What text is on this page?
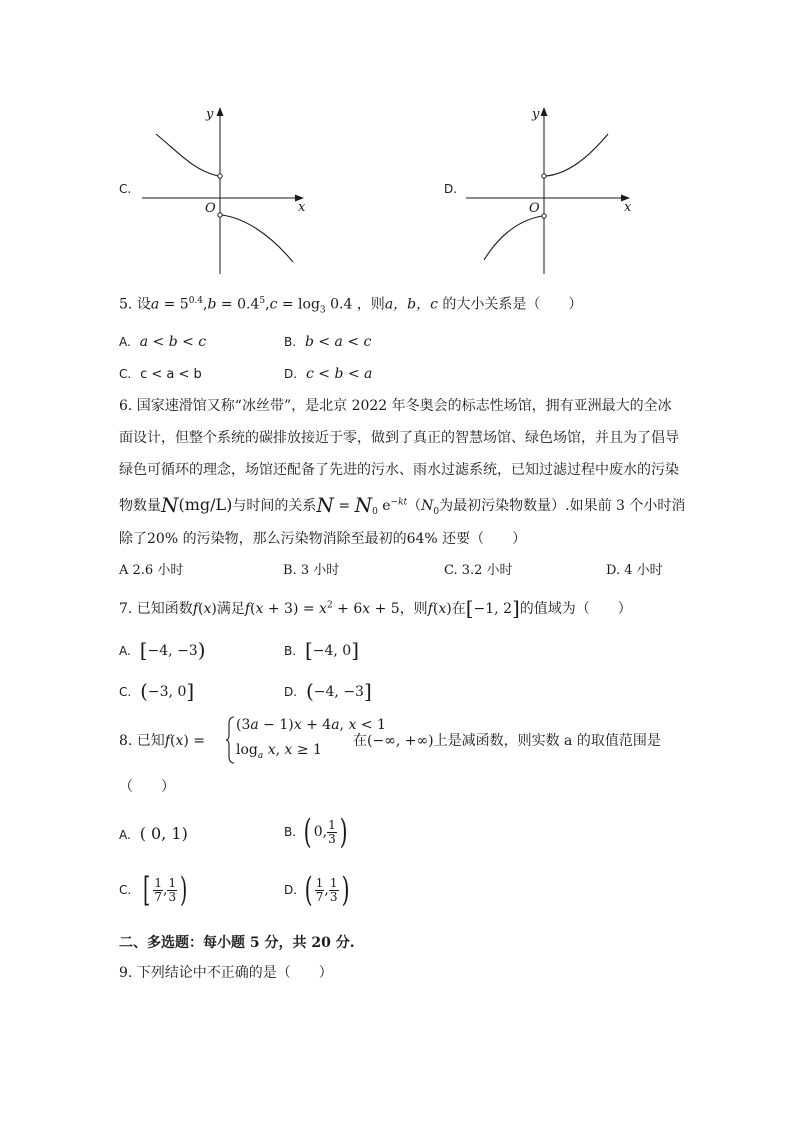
C.
y
x
O
D.
y
x
O
5. 设$a = 5^{0.4},b = 0.4^5,c = \log_3 0.4$ ，则a，b，c 的大小关系是（　　）
A. a < b < c	B. b < a < c
C. c < a < b	D. c < b < a
6. 国家速滑馆又称“冰丝带”，是北京 2022 年冬奥会的标志性场馆，拥有亚洲最大的全冰
面设计，但整个系统的碳排放接近于零，做到了真正的智慧场馆、绿色场馆，并且为了倡导
绿色可循环的理念，场馆还配备了先进的污水、雨水过滤系统，已知过滤过程中废水的污染
物数量N(mg/L)与时间的关系$N = N_0$ $e^{-kt}(N_0$为最初污染物数量）.如果前 3 个小时消
除了20% 的污染物，那么污染物消除至最初的64% 还要（　　）
A 2.6 小时	B. 3 小时	C. 3.2 小时	D. 4 小时
7. 已知函数f(x)满足$f(x + 3) = x^2 + 6x + 5$，则f(x)在[−1, 2]的值域为（　　）
A. [−4, −3)	B. [−4, 0]
C. (−3, 0]	D. (−4, −3]
8. 已知f(x) =
(3a − 1)x + 4a, x < 1
$\log_a x$, x ≥ 1
在(−∞, +∞)上是减函数，则实数 a 的取值范围是
（　　）
A. ( 0, 1)	B. ( 0, $\frac{1}{3}$ )
C. [ $\frac{1}{7}$ , $\frac{1}{3}$ )	D. ( $\frac{1}{7}$ , $\frac{1}{3}$ )
二、多选题：每小题 5 分，共 20 分.
9. 下列结论中不正确的是（　　）
